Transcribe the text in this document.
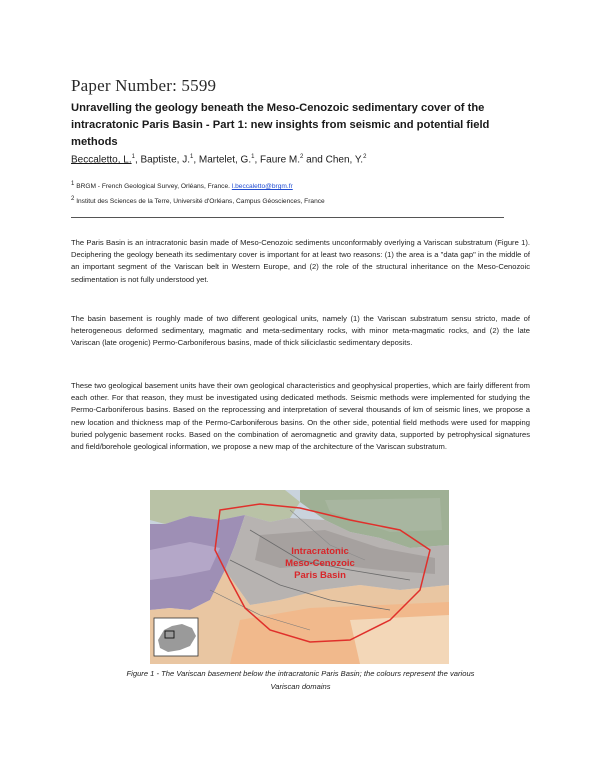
Paper Number: 5599
Unravelling the geology beneath the Meso-Cenozoic sedimentary cover of the intracratonic Paris Basin - Part 1: new insights from seismic and potential field methods
Beccaletto, L.$^1$, Baptiste, J.$^1$, Martelet, G.$^1$, Faure M.$^2$ and Chen, Y.$^2$
$^1$ BRGM - French Geological Survey, Orléans, France. l.beccaletto@brgm.fr
$^2$ Institut des Sciences de la Terre, Université d'Orléans, Campus Géosciences, France
The Paris Basin is an intracratonic basin made of Meso-Cenozoic sediments unconformably overlying a Variscan substratum (Figure 1). Deciphering the geology beneath its sedimentary cover is important for at least two reasons: (1) the area is a "data gap" in the middle of an important segment of the Variscan belt in Western Europe, and (2) the role of the structural inheritance on the Meso-Cenozoic sedimentation is not fully understood yet.
The basin basement is roughly made of two different geological units, namely (1) the Variscan substratum sensu stricto, made of heterogeneous deformed sedimentary, magmatic and meta-sedimentary rocks, with minor meta-magmatic rocks, and (2) the late Variscan (late orogenic) Permo-Carboniferous basins, made of thick siliciclastic sedimentary deposits.
These two geological basement units have their own geological characteristics and geophysical properties, which are fairly different from each other. For that reason, they must be investigated using dedicated methods. Seismic methods were implemented for studying the Permo-Carboniferous basins. Based on the reprocessing and interpretation of several thousands of km of seismic lines, we propose a new location and thickness map of the Permo-Carboniferous basins. On the other side, potential field methods were used for mapping buried polygenic basement rocks. Based on the combination of aeromagnetic and gravity data, supported by petrophysical signatures and field/borehole geological information, we propose a new map of the architecture of the Variscan substratum.
Intracratonic
Meso-Cenozoic
Paris Basin
Figure 1 - The Variscan basement below the intracratonic Paris Basin; the colours represent the various
Variscan domains
